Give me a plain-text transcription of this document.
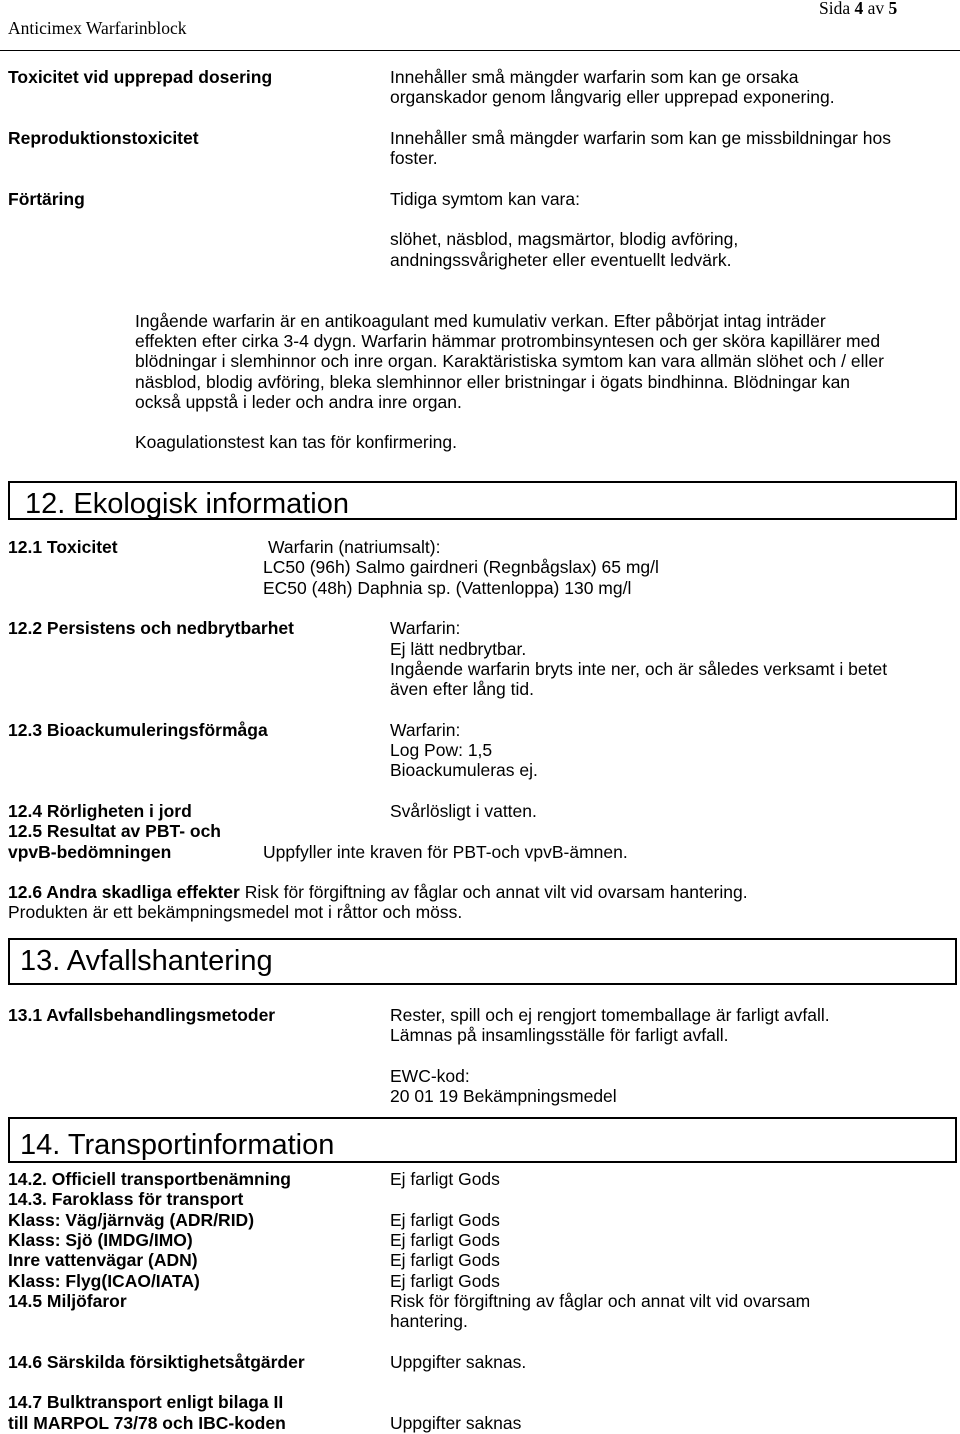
Sida 4 av 5
Anticimex Warfarinblock
Toxicitet vid upprepad dosering	Innehåller små mängder warfarin som kan ge orsaka
organskador genom långvarig eller upprepad exponering.
Reproduktionstoxicitet	Innehåller små mängder warfarin som kan ge missbildningar hos
foster.
Förtäring	Tidiga symtom kan vara:
slöhet, näsblod, magsmärtor, blodig avföring,
andningssvårigheter eller eventuellt ledvärk.
Ingående warfarin är en antikoagulant med kumulativ verkan. Efter påbörjat intag inträder
effekten efter cirka 3-4 dygn. Warfarin hämmar protrombinsyntesen och ger sköra kapillärer med
blödningar i slemhinnor och inre organ. Karaktäristiska symtom kan vara allmän slöhet och / eller
näsblod, blodig avföring, bleka slemhinnor eller bristningar i ögats bindhinna. Blödningar kan
också uppstå i leder och andra inre organ.
Koagulationstest kan tas för konfirmering.
12. Ekologisk information
12.1 Toxicitet	Warfarin (natriumsalt):
LC50 (96h) Salmo gairdneri (Regnbågslax) 65 mg/l
EC50 (48h) Daphnia sp. (Vattenloppa) 130 mg/l
12.2 Persistens och nedbrytbarhet	Warfarin:
Ej lätt nedbrytbar.
Ingående warfarin bryts inte ner, och är således verksamt i betet
även efter lång tid.
12.3 Bioackumuleringsförmåga	Warfarin:
Log Pow: 1,5
Bioackumuleras ej.
12.4 Rörligheten i jord	Svårlösligt i vatten.
12.5 Resultat av PBT- och
vpvB-bedömningen	Uppfyller inte kraven för PBT-och vpvB-ämnen.
12.6 Andra skadliga effekter Risk för förgiftning av fåglar och annat vilt vid ovarsam hantering.
Produkten är ett bekämpningsmedel mot i råttor och möss.
13. Avfallshantering
13.1 Avfallsbehandlingsmetoder	Rester, spill och ej rengjort tomemballage är farligt avfall.
Lämnas på insamlingsställe för farligt avfall.
EWC-kod:
20 01 19 Bekämpningsmedel
14. Transportinformation
14.2. Officiell transportbenämning	Ej farligt Gods
14.3. Faroklass för transport
Klass: Väg/järnväg (ADR/RID)	Ej farligt Gods
Klass: Sjö (IMDG/IMO)	Ej farligt Gods
Inre vattenvägar (ADN)	Ej farligt Gods
Klass: Flyg(ICAO/IATA)	Ej farligt Gods
14.5 Miljöfaror	Risk för förgiftning av fåglar och annat vilt vid ovarsam
hantering.
14.6 Särskilda försiktighetsåtgärder	Uppgifter saknas.
14.7 Bulktransport enligt bilaga II
till MARPOL 73/78 och IBC-koden	Uppgifter saknas
